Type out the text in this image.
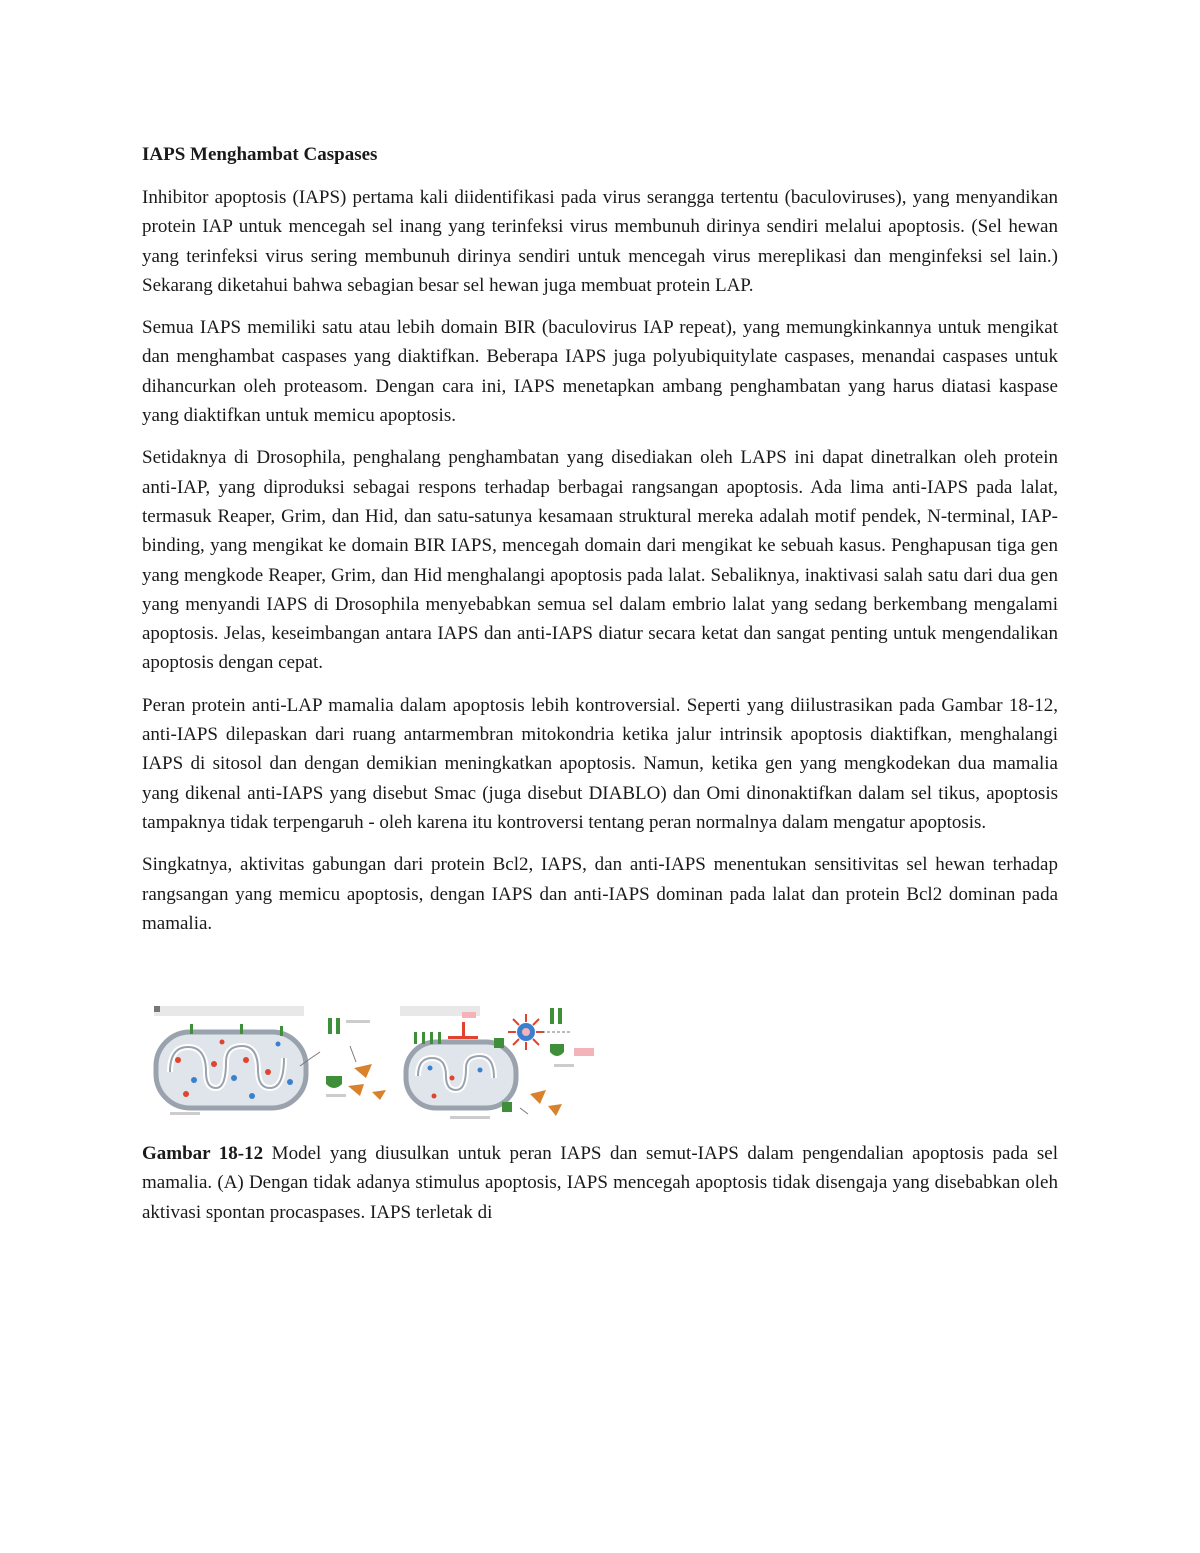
IAPS Menghambat Caspases

Inhibitor apoptosis (IAPS) pertama kali diidentifikasi pada virus serangga tertentu (baculoviruses), yang menyandikan protein IAP untuk mencegah sel inang yang terinfeksi virus membunuh dirinya sendiri melalui apoptosis. (Sel hewan yang terinfeksi virus sering membunuh dirinya sendiri untuk mencegah virus mereplikasi dan menginfeksi sel lain.) Sekarang diketahui bahwa sebagian besar sel hewan juga membuat protein LAP.

Semua IAPS memiliki satu atau lebih domain BIR (baculovirus IAP repeat), yang memungkinkannya untuk mengikat dan menghambat caspases yang diaktifkan. Beberapa IAPS juga polyubiquitylate caspases, menandai caspases untuk dihancurkan oleh proteasom. Dengan cara ini, IAPS menetapkan ambang penghambatan yang harus diatasi kaspase yang diaktifkan untuk memicu apoptosis.

Setidaknya di Drosophila, penghalang penghambatan yang disediakan oleh LAPS ini dapat dinetralkan oleh protein anti-IAP, yang diproduksi sebagai respons terhadap berbagai rangsangan apoptosis. Ada lima anti-IAPS pada lalat, termasuk Reaper, Grim, dan Hid, dan satu-satunya kesamaan struktural mereka adalah motif pendek, N-terminal, IAP-binding, yang mengikat ke domain BIR IAPS, mencegah domain dari mengikat ke sebuah kasus. Penghapusan tiga gen yang mengkode Reaper, Grim, dan Hid menghalangi apoptosis pada lalat. Sebaliknya, inaktivasi salah satu dari dua gen yang menyandi IAPS di Drosophila menyebabkan semua sel dalam embrio lalat yang sedang berkembang mengalami apoptosis. Jelas, keseimbangan antara IAPS dan anti-IAPS diatur secara ketat dan sangat penting untuk mengendalikan apoptosis dengan cepat.

Peran protein anti-LAP mamalia dalam apoptosis lebih kontroversial. Seperti yang diilustrasikan pada Gambar 18-12, anti-IAPS dilepaskan dari ruang antarmembran mitokondria ketika jalur intrinsik apoptosis diaktifkan, menghalangi IAPS di sitosol dan dengan demikian meningkatkan apoptosis. Namun, ketika gen yang mengkodekan dua mamalia yang dikenal anti-IAPS yang disebut Smac (juga disebut DIABLO) dan Omi dinonaktifkan dalam sel tikus, apoptosis tampaknya tidak terpengaruh - oleh karena itu kontroversi tentang peran normalnya dalam mengatur apoptosis.

Singkatnya, aktivitas gabungan dari protein Bcl2, IAPS, dan anti-IAPS menentukan sensitivitas sel hewan terhadap rangsangan yang memicu apoptosis, dengan IAPS dan anti-IAPS dominan pada lalat dan protein Bcl2 dominan pada mamalia.

Gambar 18-12 Model yang diusulkan untuk peran IAPS dan semut-IAPS dalam pengendalian apoptosis pada sel mamalia. (A) Dengan tidak adanya stimulus apoptosis, IAPS mencegah apoptosis tidak disengaja yang disebabkan oleh aktivasi spontan procaspases. IAPS terletak di
